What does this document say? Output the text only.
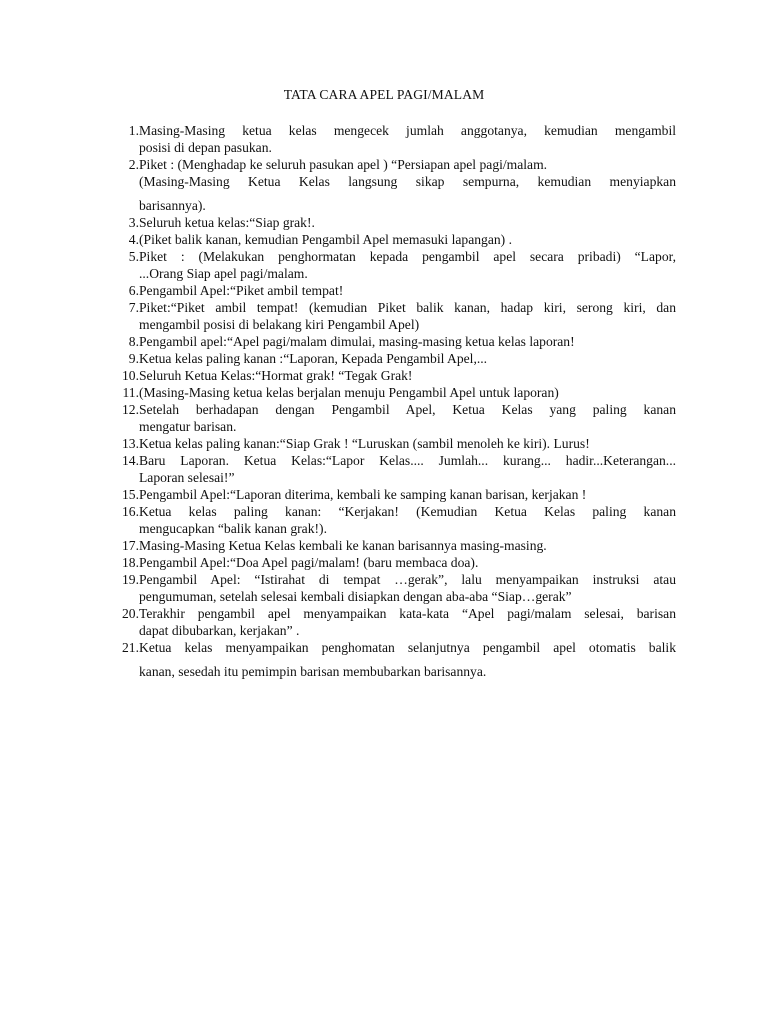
TATA CARA APEL PAGI/MALAM
1. Masing-Masing ketua kelas mengecek jumlah anggotanya, kemudian mengambil
posisi di depan pasukan.
2. Piket : (Menghadap ke seluruh pasukan apel ) “Persiapan apel pagi/malam.
(Masing-Masing Ketua Kelas langsung sikap sempurna, kemudian menyiapkan
barisannya).
3. Seluruh ketua kelas:“Siap grak!.
4. (Piket balik kanan, kemudian Pengambil Apel memasuki lapangan) .
5. Piket : (Melakukan penghormatan kepada pengambil apel secara pribadi) “Lapor,
...Orang Siap apel pagi/malam.
6. Pengambil Apel:“Piket ambil tempat!
7. Piket:“Piket ambil tempat! (kemudian Piket balik kanan, hadap kiri, serong kiri, dan
mengambil posisi di belakang kiri Pengambil Apel)
8. Pengambil apel:“Apel pagi/malam dimulai, masing-masing ketua kelas laporan!
9. Ketua kelas paling kanan :“Laporan, Kepada Pengambil Apel,...
10. Seluruh Ketua Kelas:“Hormat grak! “Tegak Grak!
11. (Masing-Masing ketua kelas berjalan menuju Pengambil Apel untuk laporan)
12. Setelah berhadapan dengan Pengambil Apel, Ketua Kelas yang paling kanan
mengatur barisan.
13. Ketua kelas paling kanan:“Siap Grak ! “Luruskan (sambil menoleh ke kiri). Lurus!
14. Baru Laporan. Ketua Kelas:“Lapor Kelas.... Jumlah... kurang... hadir...Keterangan...
Laporan selesai!”
15. Pengambil Apel:“Laporan diterima, kembali ke samping kanan barisan, kerjakan !
16. Ketua kelas paling kanan: “Kerjakan! (Kemudian Ketua Kelas paling kanan
mengucapkan “balik kanan grak!).
17. Masing-Masing Ketua Kelas kembali ke kanan barisannya masing-masing.
18. Pengambil Apel:“Doa Apel pagi/malam! (baru membaca doa).
19. Pengambil Apel: “Istirahat di tempat …gerak”, lalu menyampaikan instruksi atau
pengumuman, setelah selesai kembali disiapkan dengan aba-aba “Siap…gerak”
20. Terakhir pengambil apel menyampaikan kata-kata “Apel pagi/malam selesai, barisan
dapat dibubarkan, kerjakan” .
21. Ketua kelas menyampaikan penghomatan selanjutnya pengambil apel otomatis balik
kanan, sesedah itu pemimpin barisan membubarkan barisannya.
